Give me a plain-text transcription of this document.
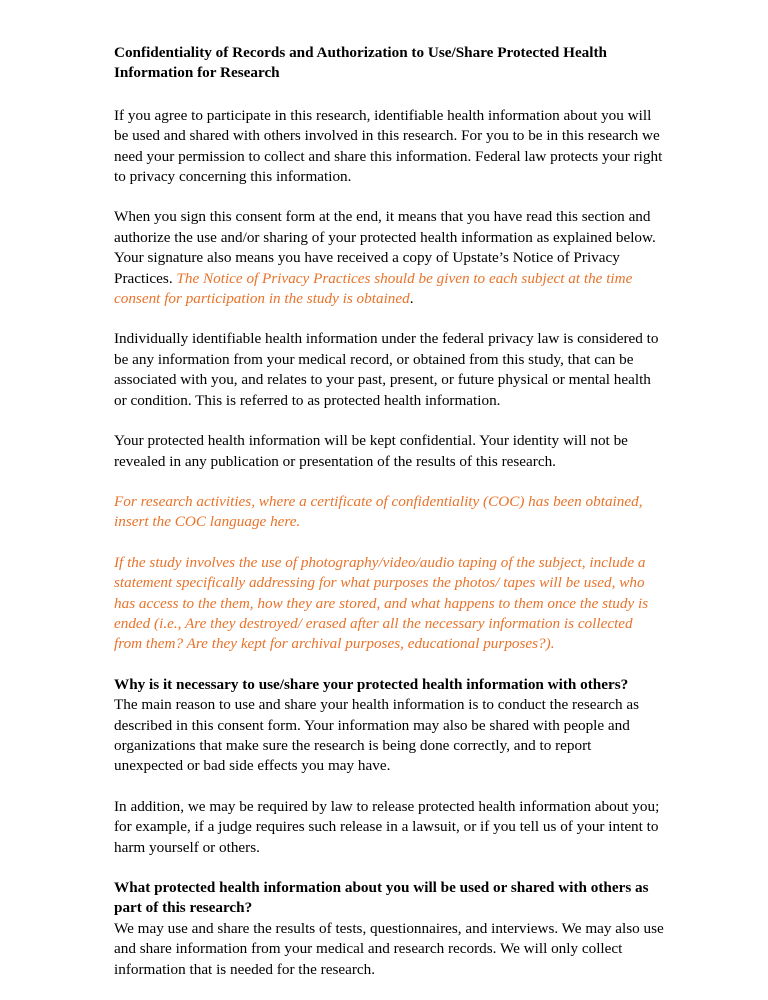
Confidentiality of Records and Authorization to Use/Share Protected Health Information for Research

If you agree to participate in this research, identifiable health information about you will be used and shared with others involved in this research. For you to be in this research we need your permission to collect and share this information. Federal law protects your right to privacy concerning this information.

When you sign this consent form at the end, it means that you have read this section and authorize the use and/or sharing of your protected health information as explained below. Your signature also means you have received a copy of Upstate’s Notice of Privacy Practices. The Notice of Privacy Practices should be given to each subject at the time consent for participation in the study is obtained.

Individually identifiable health information under the federal privacy law is considered to be any information from your medical record, or obtained from this study, that can be associated with you, and relates to your past, present, or future physical or mental health or condition. This is referred to as protected health information.

Your protected health information will be kept confidential. Your identity will not be revealed in any publication or presentation of the results of this research.

For research activities, where a certificate of confidentiality (COC) has been obtained, insert the COC language here.

If the study involves the use of photography/video/audio taping of the subject, include a statement specifically addressing for what purposes the photos/ tapes will be used, who has access to the them, how they are stored, and what happens to them once the study is ended (i.e., Are they destroyed/ erased after all the necessary information is collected from them? Are they kept for archival purposes, educational purposes?).

Why is it necessary to use/share your protected health information with others?
The main reason to use and share your health information is to conduct the research as described in this consent form. Your information may also be shared with people and organizations that make sure the research is being done correctly, and to report unexpected or bad side effects you may have.

In addition, we may be required by law to release protected health information about you; for example, if a judge requires such release in a lawsuit, or if you tell us of your intent to harm yourself or others.

What protected health information about you will be used or shared with others as part of this research?
We may use and share the results of tests, questionnaires, and interviews. We may also use and share information from your medical and research records. We will only collect information that is needed for the research.
